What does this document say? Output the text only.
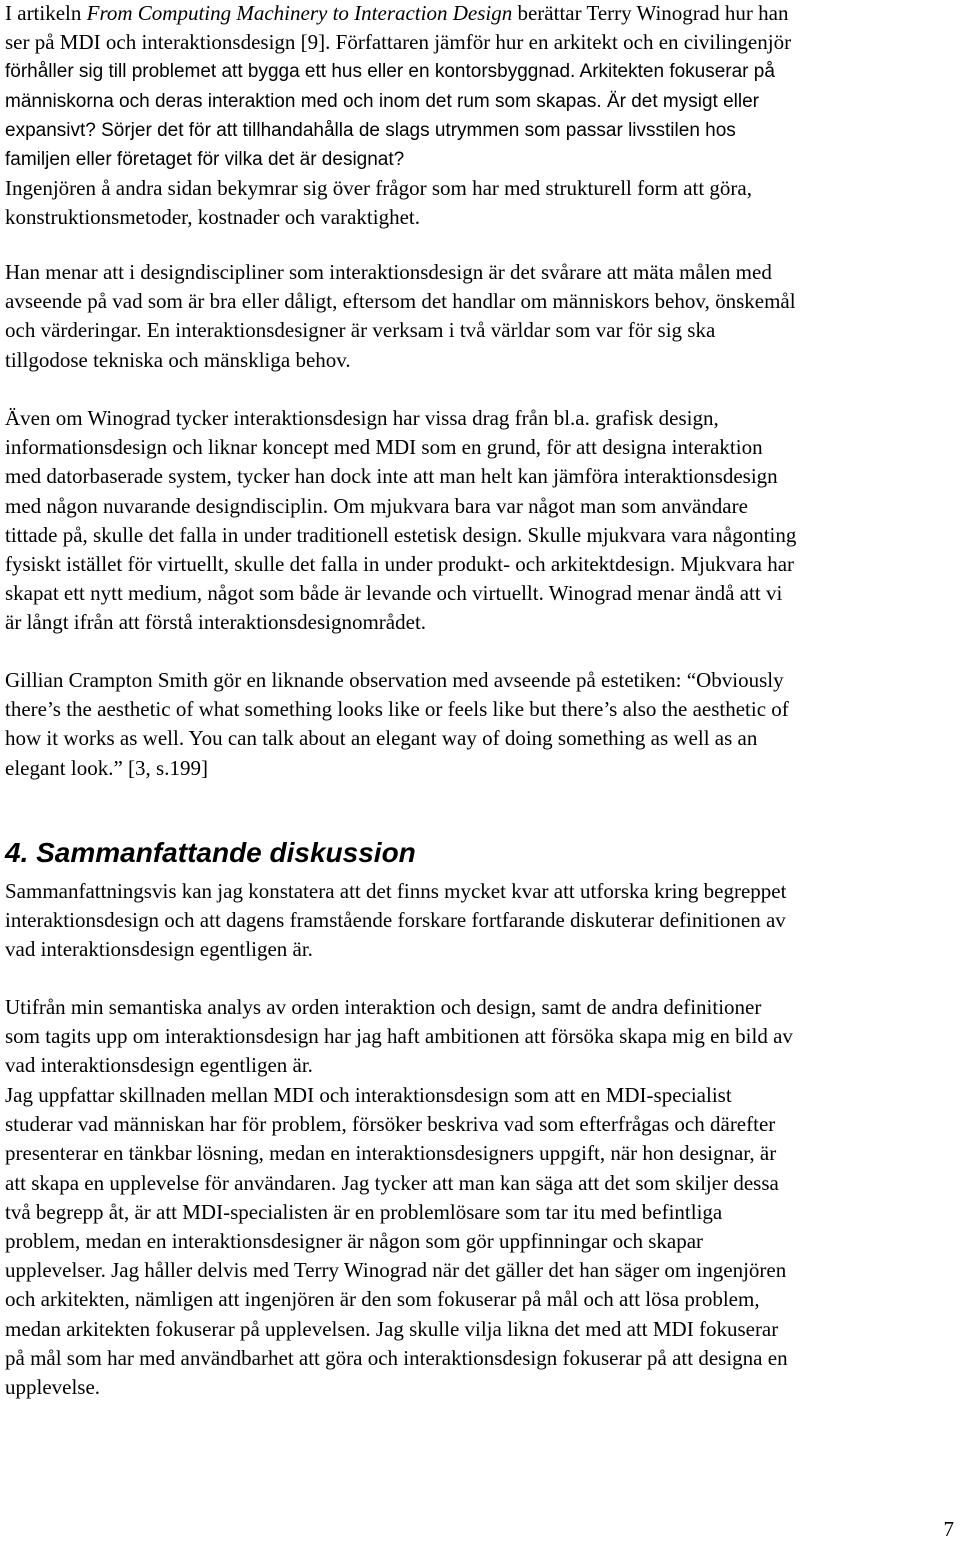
I artikeln From Computing Machinery to Interaction Design berättar Terry Winograd hur han
ser på MDI och interaktionsdesign [9]. Författaren jämför hur en arkitekt och en civilingenjör
förhåller sig till problemet att bygga ett hus eller en kontorsbyggnad. Arkitekten fokuserar på
människorna och deras interaktion med och inom det rum som skapas. Är det mysigt eller
expansivt? Sörjer det för att tillhandahålla de slags utrymmen som passar livsstilen hos
familjen eller företaget för vilka det är designat?
Ingenjören å andra sidan bekymrar sig över frågor som har med strukturell form att göra,
konstruktionsmetoder, kostnader och varaktighet.
Han menar att i designdiscipliner som interaktionsdesign är det svårare att mäta målen med
avseende på vad som är bra eller dåligt, eftersom det handlar om människors behov, önskemål
och värderingar. En interaktionsdesigner är verksam i två världar som var för sig ska
tillgodose tekniska och mänskliga behov.
Även om Winograd tycker interaktionsdesign har vissa drag från bl.a. grafisk design,
informationsdesign och liknar koncept med MDI som en grund, för att designa interaktion
med datorbaserade system, tycker han dock inte att man helt kan jämföra interaktionsdesign
med någon nuvarande designdisciplin. Om mjukvara bara var något man som användare
tittade på, skulle det falla in under traditionell estetisk design. Skulle mjukvara vara någonting
fysiskt istället för virtuellt, skulle det falla in under produkt- och arkitektdesign. Mjukvara har
skapat ett nytt medium, något som både är levande och virtuellt. Winograd menar ändå att vi
är långt ifrån att förstå interaktionsdesignområdet.
Gillian Crampton Smith gör en liknande observation med avseende på estetiken: “Obviously
there’s the aesthetic of what something looks like or feels like but there’s also the aesthetic of
how it works as well. You can talk about an elegant way of doing something as well as an
elegant look.” [3, s.199]
4. Sammanfattande diskussion
Sammanfattningsvis kan jag konstatera att det finns mycket kvar att utforska kring begreppet
interaktionsdesign och att dagens framstående forskare fortfarande diskuterar definitionen av
vad interaktionsdesign egentligen är.
Utifrån min semantiska analys av orden interaktion och design, samt de andra definitioner
som tagits upp om interaktionsdesign har jag haft ambitionen att försöka skapa mig en bild av
vad interaktionsdesign egentligen är.
Jag uppfattar skillnaden mellan MDI och interaktionsdesign som att en MDI-specialist
studerar vad människan har för problem, försöker beskriva vad som efterfrågas och därefter
presenterar en tänkbar lösning, medan en interaktionsdesigners uppgift, när hon designar, är
att skapa en upplevelse för användaren. Jag tycker att man kan säga att det som skiljer dessa
två begrepp åt, är att MDI-specialisten är en problemlösare som tar itu med befintliga
problem, medan en interaktionsdesigner är någon som gör uppfinningar och skapar
upplevelser. Jag håller delvis med Terry Winograd när det gäller det han säger om ingenjören
och arkitekten, nämligen att ingenjören är den som fokuserar på mål och att lösa problem,
medan arkitekten fokuserar på upplevelsen. Jag skulle vilja likna det med att MDI fokuserar
på mål som har med användbarhet att göra och interaktionsdesign fokuserar på att designa en
upplevelse.
7
